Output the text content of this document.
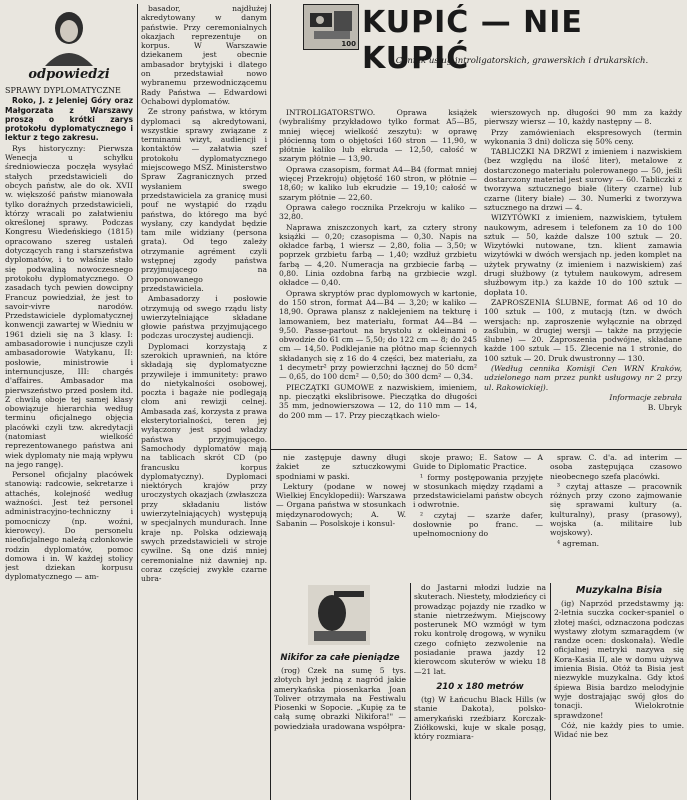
100
KUPIĆ — NIE KUPIĆ
Cennik usług introligatorskich, grawerskich i drukarskich.
odpowiedzi

SPRAWY DYPLOMATYCZNE

Roko, J. z Jeleniej Góry oraz Małgorzata z Warszawy proszą o krótki zarys protokołu dyplomatycznego i lektur z tego zakresu.

Rys historyczny: Pierwsza Wenecja u schyłku średniowiecza poczęła wysyłać stałych przedstawicieli do obcych państw, ale do ok. XVII w. większość państw mianowała tylko doraźnych przedstawicieli, którzy wracali po załatwieniu określonej sprawy. Podczas Kongresu Wiedeńskiego (1815) opracowano szereg ustaleń dotyczących rang i starszeństwa dyplomatów, i to właśnie stało się podwaliną nowoczesnego protokołu dyplomatycznego. O zasadach tych pewien dowcipny Francuz powiedział, że jest to savoir-vivre narodów. Przedstawiciele dyplomatycznej konwencji zawartej w Wiedniu w 1961 dzieli się na 3 klasy. I: ambasadorowie i nuncjusze czyli ambasadorowie Watykanu, II: posłowie, ministrowie i internuncjusze, III: chargés d'affaires. Ambasador ma pierwszeństwo przed posłem itd. Z chwilą oboje tej samej klasy obowiązuje hierarchia według terminu oficjalnego objęcia placówki czyli tzw. akredytacji (natomiast wielkość reprezentowanego państwa ani wiek dyplomaty nie mają wpływu na jego rangę).

Personel oficjalny placówek stanowią: radcowie, sekretarze i attachés, kolejność według ważności. Jest też personel administracyjno-techniczny i pomocniczy (np. woźni, kierowcy). Do personelu nieoficjalnego należą członkowie rodzin dyplomatów, pomoc domowa i in. W każdej stolicy jest dziekan korpusu dyplomatycznego — am-

basador, najdłużej akredytowany w danym państwie. Przy ceremonialnych okazjach reprezentuje on korpus. W Warszawie dziekanem jest obecnie ambasador brytyjski i dlatego on przedstawiał nowo wybranemu przewodniczącemu Rady Państwa — Edwardowi Ochabowi dyplomatów.

Ze strony państwa, w którym dyplomaci są akredytowani, wszystkie sprawy związane z terminami wizyt, audiencji i kontaktów — załatwia szef protokołu dyplomatycznego miejscowego MSZ. Ministerstwo Spraw Zagranicznych przed wysłaniem swego przedstawiciela za granicę musi pouf ne wystąpić do rządu państwa, do którego ma być wysłany, czy kandydat będzie tam mile widziany (persona grata). Od tego zależy otrzymanie agrément czyli wstępnej zgody państwa przyjmującego na proponowanego przedstawiciela.

Ambasadorzy i posłowie otrzymują od swego rządu listy uwierzytelniające składane głowie państwa przyjmującego podczas uroczystej audiencji.

Dyplomaci korzystają z szerokich uprawnień, na które składają się dyplomatyczne przywileje i immunitety: prawo do nietykalności osobowej, poczta i bagaże nie podlegają cłom ani rewizji celnej. Ambasada zaś, korzysta z prawa eksterytorialności, teren jej wyłączony jest spod władzy państwa przyjmującego. Samochody dyplomatów mają na tablicach skrót CD (po francusku korpus dyplomatyczny). Dyplomaci niektórych krajów przy uroczystych okazjach (zwłaszcza przy składaniu listów uwierzytelniających) występują w specjalnych mundurach. Inne kraje np. Polska odziewają swych przedstawicieli w stroje cywilne. Są one dziś mniej ceremonialne niż dawniej np. coraz częściej zwykłe czarne ubra-

INTROLIGATORSTWO. Oprawa książek (wybraliśmy przykładowo tylko format A5—B5, mniej więcej wielkość zeszytu): w oprawę płócienną tom o objętości 160 stron — 11,90, w płótnie kaliko lub ekruda — 12,50, całość w szarym płótnie — 13,90.

Oprawa czasopism, format A4—B4 (format mniej więcej Przekroju) objętość 160 stron, w płótnie — 18,60; w kaliko lub ekrudzie — 19,10; całość w szarym płótnie — 22,60.

Oprawa całego rocznika Przekroju w kaliko — 32,80.

Naprawa zniszczonych kart, za cztery strony książki — 0,20; czasopisma — 0,30. Napis na okładce farbą, 1 wiersz — 2,80, folia — 3,50; w poprzek grzbietu farbą — 1,40; wzdłuż grzbietu farbą — 4,20. Numeracja na grzbiecie farbą — 0,80. Linia ozdobna farbą na grzbiecie wzgl. okładce — 0,40.

Oprawa skryptów prac dyplomowych w kartonie, do 150 stron, format A4—B4 — 3,20; w kaliko — 18,90. Oprawa plansz z naklejeniem na tekturę i lamowaniem, bez materiału, format A4—B4 — 9,50. Passe-partout na brystolu z okleinami o obwodzie do 61 cm — 5,50; do 122 cm — 8; do 245 cm — 14,50. Podklejanie na płótno map ściennych składanych się z 16 do 4 części, bez materiału, za 1 decymetr² przy powierzchni łącznej do 50 dcm² — 0,65, do 100 dcm² — 0,50; do 300 dcm² — 0,34.

PIECZĄTKI GUMOWE z nazwiskiem, imieniem, np. pieczątki ekslibrisowe. Pieczątka do długości 35 mm, jednowierszowa — 12, do 110 mm — 14, do 200 mm — 17. Przy pieczątkach wielo-

wierszowych np. długości 90 mm za każdy pierwszy wiersz — 10, każdy następny — 8.

Przy zamówieniach ekspresowych (termin wykonania 3 dni) dolicza się 50% ceny.

TABLICZKI NA DRZWI z imieniem i nazwiskiem (bez względu na ilość liter), metalowe z dostarczonego materiału polerowanego — 50, jeśli dostarczony materiał jest surowy — 60. Tabliczki z tworzywa sztucznego białe (litery czarne) lub czarne (litery białe) — 30. Numerki z tworzywa sztucznego na drzwi — 4.

WIZYTÓWKI z imieniem, nazwiskiem, tytułem naukowym, adresem i telefonem za 10 do 100 sztuk — 50, każde dalsze 100 sztuk — 20. Wizytówki nutowane, tzn. klient zamawia wizytówki w dwóch wersjach np. jeden komplet na użytek prywatny (z imieniem i nazwiskiem) zaś drugi służbowy (z tytułem naukowym, adresem służbowym itp.) za każde 10 do 100 sztuk — dopłata 10.

ZAPROSZENIA ŚLUBNE, format A6 od 10 do 100 sztuk — 100, z mutacją (tzn. w dwóch wersjach: np. zaproszenie wyłącznie na obrzęd zaślubin, w drugiej wersji — także na przyjęcie ślubne) — 20. Zaproszenia podwójne, składane każde 100 sztuk — 15. Zlecenie na 1 stronie, do 100 sztuk — 20. Druk dwustronny — 130.

(Według cennika Komisji Cen WRN Kraków, udzielonego nam przez punkt usługowy nr 2 przy ul. Rakowickiej).

Informacje zebrała

B. Ubryk

nie zastępuje dawny długi żakiet ze sztuczkowymi spodniami w paski.

Lektury (podane w nowej Wielkiej Encyklopedii): Warszawa — Organa państwa w stosunkach międzynarodowych; A. W. Sabanin — Posolskoje i konsul-

skoje prawo; E. Satow — A Guide to Diplomatic Practice.

¹ formy postępowania przyjęte w stosunkach między rządami a przedstawicielami państw obcych i odwrotnie.

² czytaj — szarże dafer, dosłownie po franc. — upełnomocniony do

spraw. C. d'a. ad interim — osoba zastępująca czasowo nieobecnego szefa placówki.

³ czytaj attasze — pracownik różnych przy czono zajmowanie się sprawami kultury (a. kulturalny), prasy (prasowy), wojska (a. militaire lub wojskowy).

⁴ agreman.

Nikifor za całe pieniądze

(rog) Czek na sumę 5 tys. złotych był jedną z nagród jakie amerykańska piosenkarka Joan Toliver otrzymała na Festiwalu Piosenki w Sopocie. „Kupię za te całą sumę obrazki Nikifora!" — powiedziała uradowana współpra-

do Jastarni młodzi ludzie na skuterach. Niestety, młodzieńcy ci prowadząc pojazdy nie rzadko w stanie nietrzeźwym. Miejscowy posterunek MO wzmógł w tym roku kontrolę drogową, w wyniku czego cofnięto zezwolenie na posiadanie prawa jazdy 12 kierowcom skuterów w wieku 18—21 lat.

210 x 180 metrów

(tg) W Łańcuchu Black Hills (w stanie Dakota), polsko-amerykański rzeźbiarz Korczak-Ziółkowski, kuje w skale posąg, który rozmiara-

Muzykalna Bisia

(ig) Naprzód przedstawmy ją: 2-letnia suczka cocker-spaniel o złotej maści, odznaczona podczas wystawy złotym szmaragdem (w randze ocen: doskonała). Wedle oficjalnej metryki nazywa się Kora-Kasia II, ale w domu używa imienia Bisia. Otóż ta Bisia jest niezwykle muzykalna. Gdy ktoś śpiewa Bisia bardzo melodyjnie wyje dostrajając swój głos do tonacji. Wielokrotnie sprawdzone!

Cóż, nie każdy pies to umie. Widać nie bez
